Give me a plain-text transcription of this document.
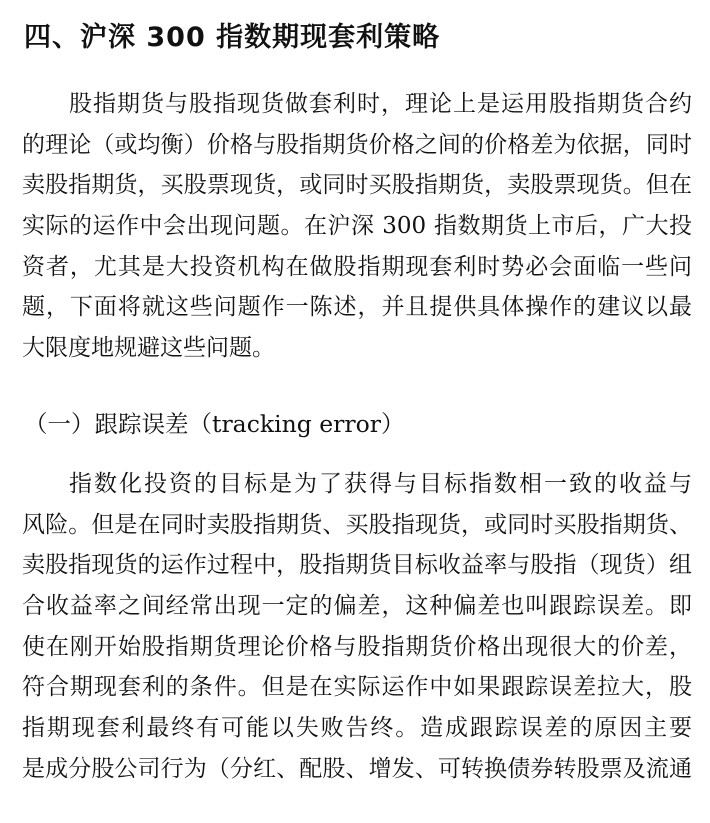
四、沪深 300 指数期现套利策略
股指期货与股指现货做套利时，理论上是运用股指期货合约
的理论（或均衡）价格与股指期货价格之间的价格差为依据，同时
卖股指期货，买股票现货，或同时买股指期货，卖股票现货。但在
实际的运作中会出现问题。在沪深 300 指数期货上市后，广大投
资者，尤其是大投资机构在做股指期现套利时势必会面临一些问
题，下面将就这些问题作一陈述，并且提供具体操作的建议以最
大限度地规避这些问题。
（一）跟踪误差（tracking error）
指数化投资的目标是为了获得与目标指数相一致的收益与
风险。但是在同时卖股指期货、买股指现货，或同时买股指期货、
卖股指现货的运作过程中，股指期货目标收益率与股指（现货）组
合收益率之间经常出现一定的偏差，这种偏差也叫跟踪误差。即
使在刚开始股指期货理论价格与股指期货价格出现很大的价差，
符合期现套利的条件。但是在实际运作中如果跟踪误差拉大，股
指期现套利最终有可能以失败告终。造成跟踪误差的原因主要
是成分股公司行为（分红、配股、增发、可转换债券转股票及流通
